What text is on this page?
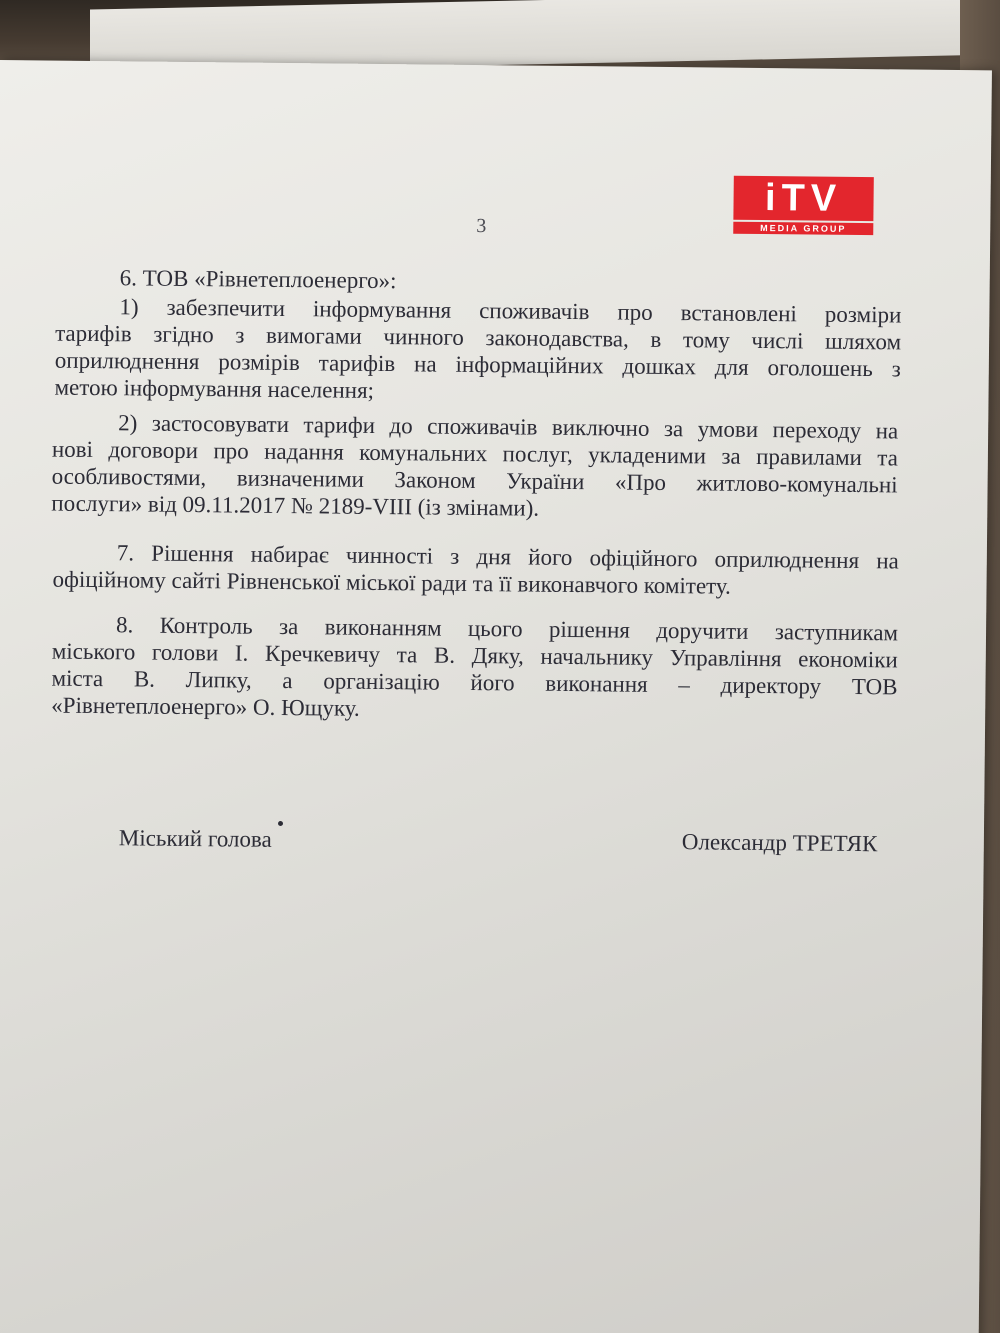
3
iTV
MEDIA GROUP
6. ТОВ «Рівнетеплоенерго»:
1) забезпечити інформування споживачів про встановлені розміри
тарифів згідно з вимогами чинного законодавства, в тому числі шляхом
оприлюднення розмірів тарифів на інформаційних дошках для оголошень з
метою інформування населення;
2) застосовувати тарифи до споживачів виключно за умови переходу на
нові договори про надання комунальних послуг, укладеними за правилами та
особливостями, визначеними Законом України «Про житлово-комунальні
послуги» від 09.11.2017 № 2189-VIII (із змінами).
7. Рішення набирає чинності з дня його офіційного оприлюднення на
офіційному сайті Рівненської міської ради та її виконавчого комітету.
8. Контроль за виконанням цього рішення доручити заступникам
міського голови І. Кречкевичу та В. Дяку, начальнику Управління економіки
міста В. Липку, а організацію його виконання – директору ТОВ
«Рівнетеплоенерго» О. Ющуку.
Міський голова	Олександр ТРЕТЯК
